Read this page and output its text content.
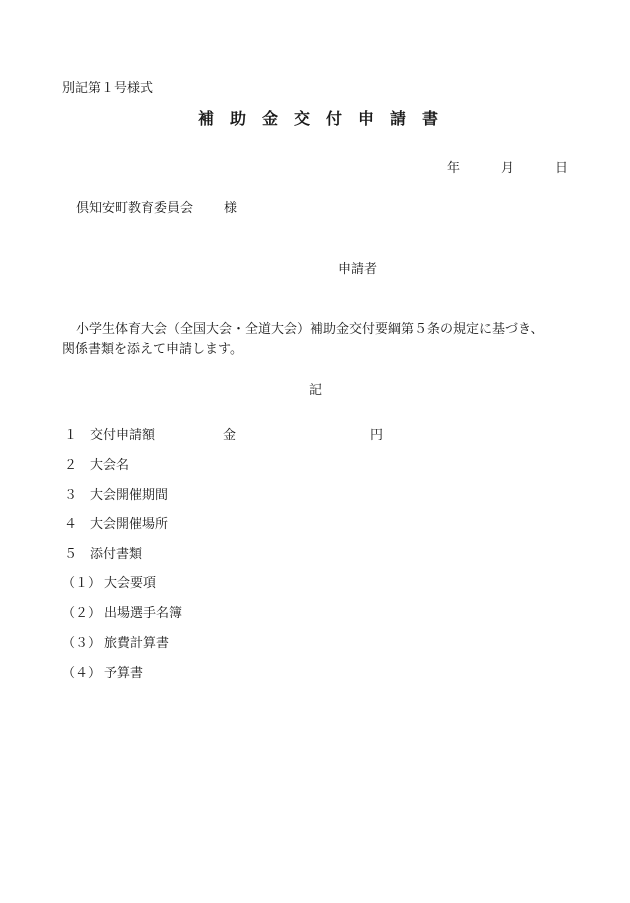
別記第１号様式
補助金交付申請書
年	月	日
倶知安町教育委員会 様
申請者
小学生体育大会（全国大会・全道大会）補助金交付要綱第５条の規定に基づき、
関係書類を添えて申請します。
記
１ 交付申請額	金	円
２ 大会名
３ 大会開催期間
４ 大会開催場所
５ 添付書類
（１） 大会要項
（２） 出場選手名簿
（３） 旅費計算書
（４） 予算書
